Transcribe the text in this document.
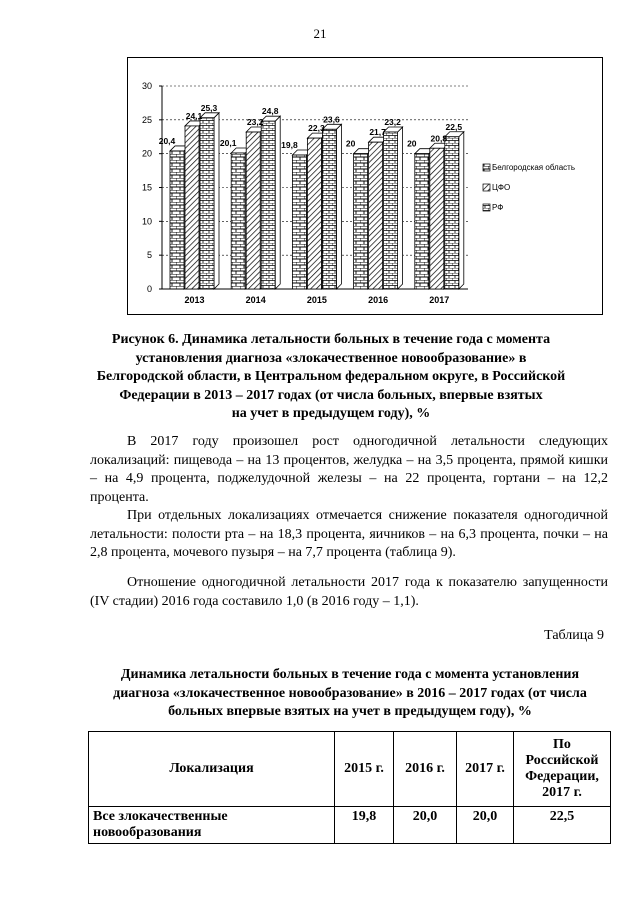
21
0
5
10
15
20
25
30
20,4
24,1
25,3
2013
20,1
23,2
24,8
2014
19,8
22,3
23,6
2015
20
21,7
23,2
2016
20
20,8
22,5
2017
Белгородская область
ЦФО
РФ
Рисунок 6. Динамика летальности больных в течение года с момента
установления диагноза «злокачественное новообразование» в
Белгородской области, в Центральном федеральном округе, в Российской
Федерации в 2013 – 2017 годах (от числа больных, впервые взятых
на учет в предыдущем году), %
В 2017 году произошел рост одногодичной летальности следующих локализаций: пищевода – на 13 процентов, желудка – на 3,5 процента, прямой кишки – на 4,9 процента, поджелудочной железы – на 22 процента, гортани – на 12,2 процента.
При отдельных локализациях отмечается снижение показателя одногодичной летальности: полости рта – на 18,3 процента, яичников – на 6,3 процента, почки – на 2,8 процента, мочевого пузыря – на 7,7 процента (таблица 9).
Отношение одногодичной летальности 2017 года к показателю запущенности (IV стадии) 2016 года составило 1,0 (в 2016 году – 1,1).
Таблица 9
Динамика летальности больных в течение года с момента установления
диагноза «злокачественное новообразование» в 2016 – 2017 годах (от числа
больных впервые взятых на учет в предыдущем году), %
Локализация	2015 г.	2016 г.	2017 г.	По Российской Федерации, 2017 г.
Все злокачественные новообразования	19,8	20,0	20,0	22,5
